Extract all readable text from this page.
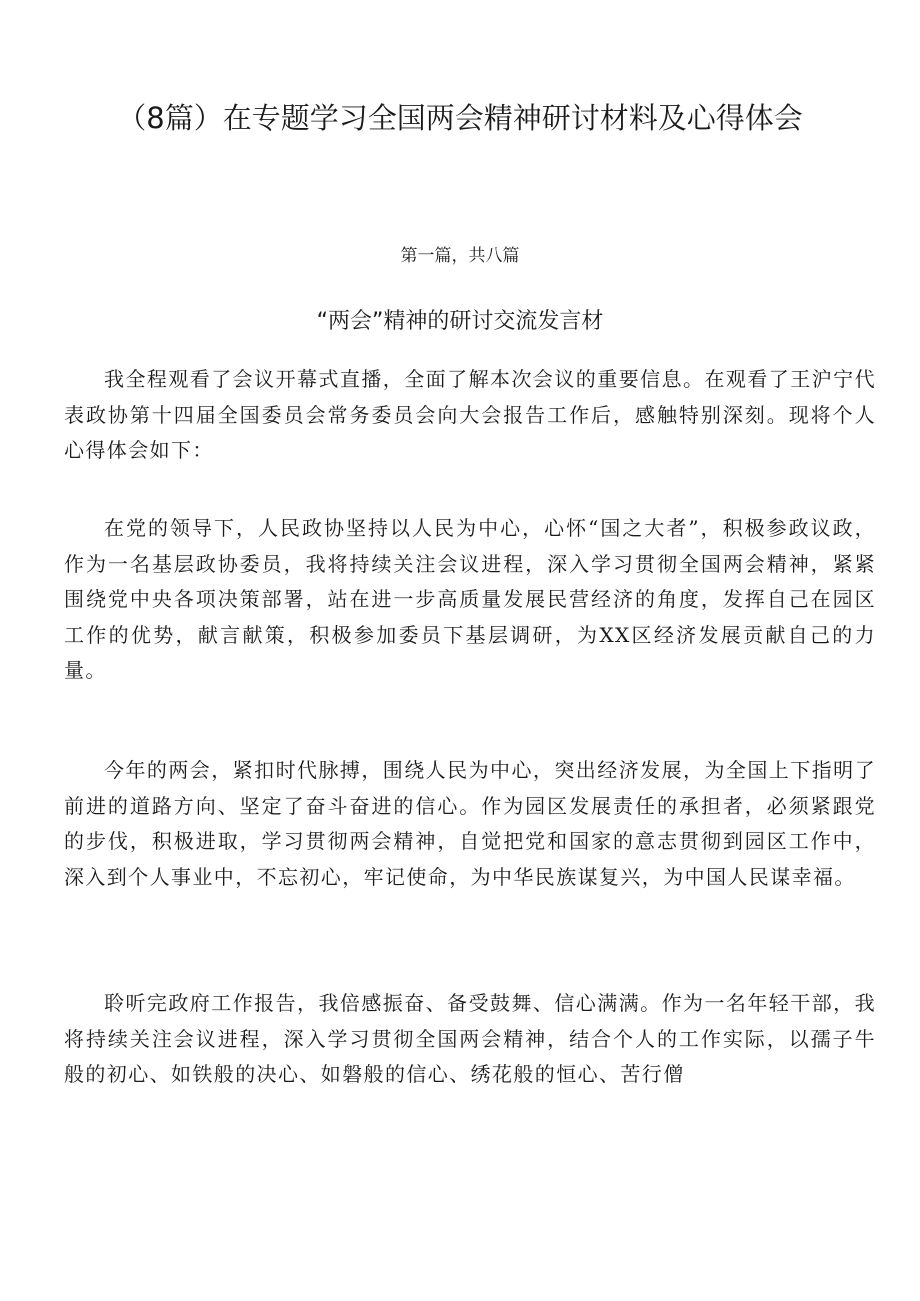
（8篇）在专题学习全国两会精神研讨材料及心得体会
第一篇，共八篇
“两会”精神的研讨交流发言材

我全程观看了会议开幕式直播，全面了解本次会议的重要信息。在观看了王沪宁代表政协第十四届全国委员会常务委员会向大会报告工作后，感触特别深刻。现将个人心得体会如下：

在党的领导下，人民政协坚持以人民为中心，心怀“国之大者”，积极参政议政，作为一名基层政协委员，我将持续关注会议进程，深入学习贯彻全国两会精神，紧紧围绕党中央各项决策部署，站在进一步高质量发展民营经济的角度，发挥自己在园区工作的优势，献言献策，积极参加委员下基层调研，为XX区经济发展贡献自己的力量。

今年的两会，紧扣时代脉搏，围绕人民为中心，突出经济发展，为全国上下指明了前进的道路方向、坚定了奋斗奋进的信心。作为园区发展责任的承担者，必须紧跟党的步伐，积极进取，学习贯彻两会精神，自觉把党和国家的意志贯彻到园区工作中，深入到个人事业中，不忘初心，牢记使命，为中华民族谋复兴，为中国人民谋幸福。

聆听完政府工作报告，我倍感振奋、备受鼓舞、信心满满。作为一名年轻干部，我将持续关注会议进程，深入学习贯彻全国两会精神，结合个人的工作实际，以孺子牛般的初心、如铁般的决心、如磐般的信心、绣花般的恒心、苦行僧
